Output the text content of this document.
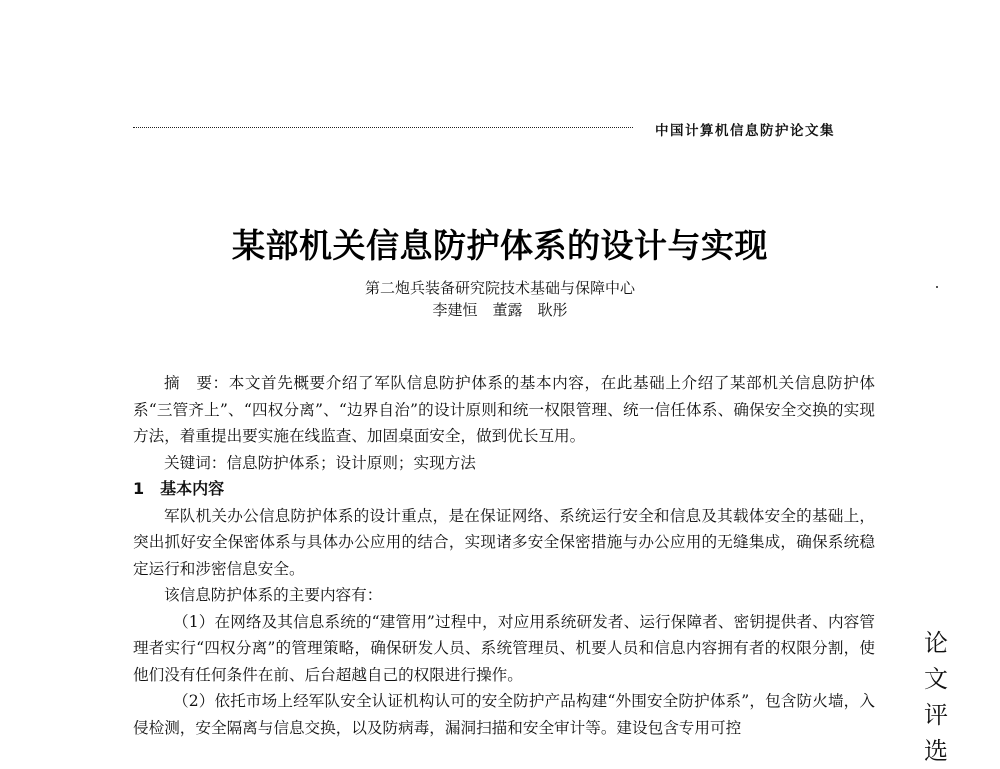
中国计算机信息防护论文集
某部机关信息防护体系的设计与实现
第二炮兵装备研究院技术基础与保障中心
李建恒　董露　耿彤

摘　要：本文首先概要介绍了军队信息防护体系的基本内容，在此基础上介绍了某部机关信息防护体系“三管齐上”、“四权分离”、“边界自治”的设计原则和统一权限管理、统一信任体系、确保安全交换的实现方法，着重提出要实施在线监查、加固桌面安全，做到优长互用。

关键词：信息防护体系；设计原则；实现方法

1　基本内容

军队机关办公信息防护体系的设计重点，是在保证网络、系统运行安全和信息及其载体安全的基础上，突出抓好安全保密体系与具体办公应用的结合，实现诸多安全保密措施与办公应用的无缝集成，确保系统稳定运行和涉密信息安全。

该信息防护体系的主要内容有：

（1）在网络及其信息系统的“建管用”过程中，对应用系统研发者、运行保障者、密钥提供者、内容管理者实行“四权分离”的管理策略，确保研发人员、系统管理员、机要人员和信息内容拥有者的权限分割，使他们没有任何条件在前、后台超越自己的权限进行操作。

（2）依托市场上经军队安全认证机构认可的安全防护产品构建“外围安全防护体系”，包含防火墙，入侵检测，安全隔离与信息交换，以及防病毒，漏洞扫描和安全审计等。建设包含专用可控

论
文
评
选
